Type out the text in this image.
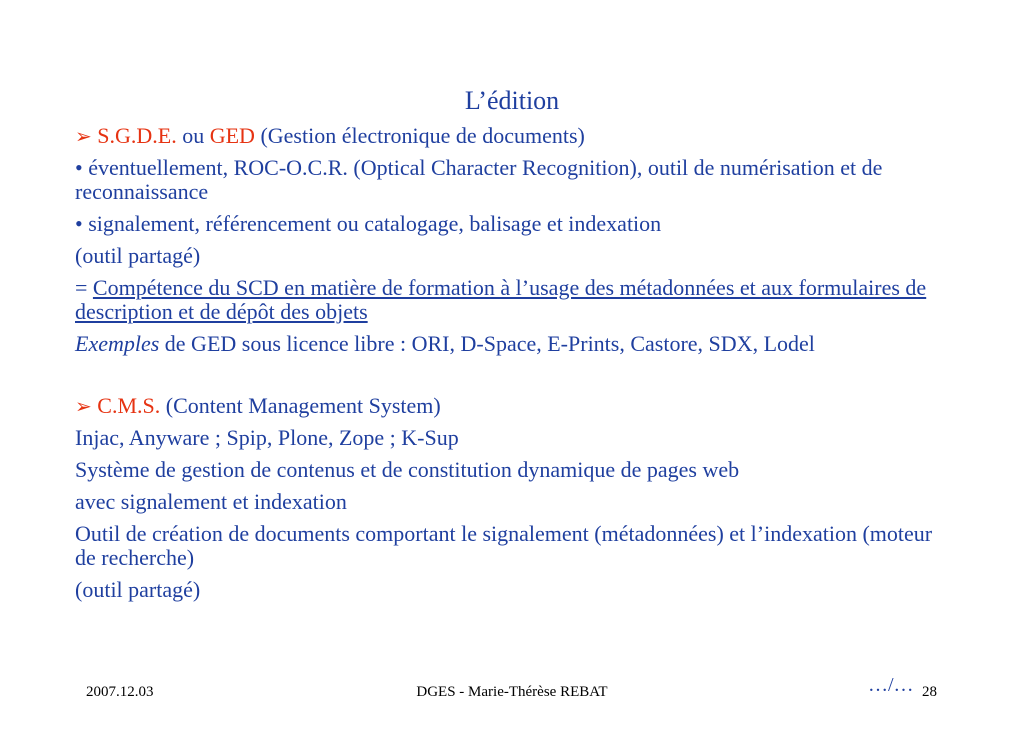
L’édition

➢ S.G.D.E. ou GED (Gestion électronique de documents)

• éventuellement, ROC-O.C.R. (Optical Character Recognition), outil de numérisation et de reconnaissance

• signalement, référencement ou catalogage, balisage et indexation

(outil partagé)

= Compétence du SCD en matière de formation à l’usage des métadonnées et aux formulaires de description et de dépôt des objets

Exemples de GED sous licence libre : ORI, D-Space, E-Prints, Castore, SDX, Lodel

➢ C.M.S. (Content Management System)

Injac, Anyware ; Spip, Plone, Zope ; K-Sup

Système de gestion de contenus et de constitution dynamique de pages web

avec signalement et indexation

Outil de création de documents comportant le signalement (métadonnées) et l’indexation (moteur de recherche)

(outil partagé)

…/…
2007.12.03	DGES - Marie-Thérèse REBAT	28
